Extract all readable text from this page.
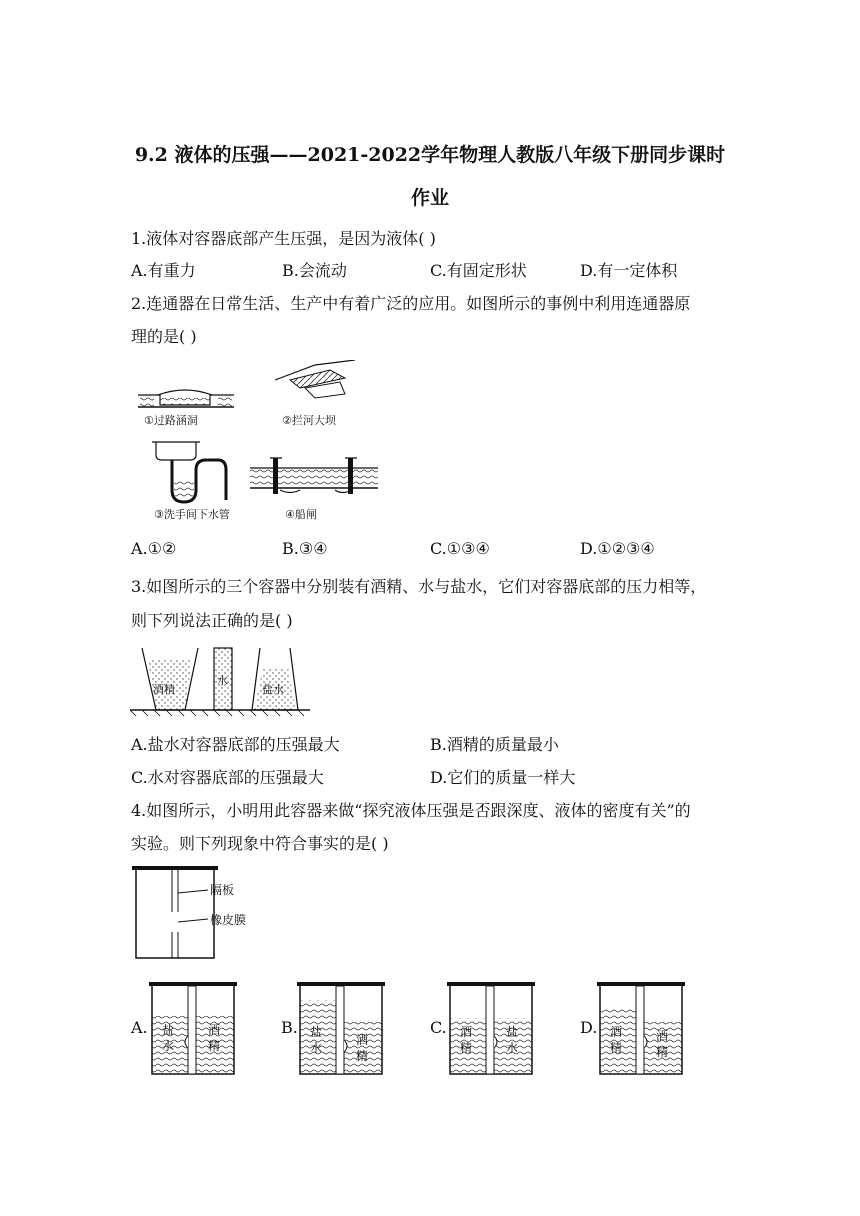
9.2 液体的压强——2021-2022学年物理人教版八年级下册同步课时
作业
1.液体对容器底部产生压强，是因为液体( )
A.有重力	B.会流动	C.有固定形状	D.有一定体积
2.连通器在日常生活、生产中有着广泛的应用。如图所示的事例中利用连通器原
理的是( )
①过路涵洞	②拦河大坝
③洗手间下水管	④船闸
A.①②	B.③④	C.①③④	D.①②③④
3.如图所示的三个容器中分别装有酒精、水与盐水，它们对容器底部的压力相等，
则下列说法正确的是( )
酒精
水
盐水
A.盐水对容器底部的压强最大	B.酒精的质量最小
C.水对容器底部的压强最大	D.它们的质量一样大
4.如图所示，小明用此容器来做“探究液体压强是否跟深度、液体的密度有关”的
实验。则下列现象中符合事实的是( )
隔板
橡皮膜
A. 盐
水
酒
精
B. 盐
水
酒
精
C. 酒
精
盐
水
D. 酒
精
酒
精
